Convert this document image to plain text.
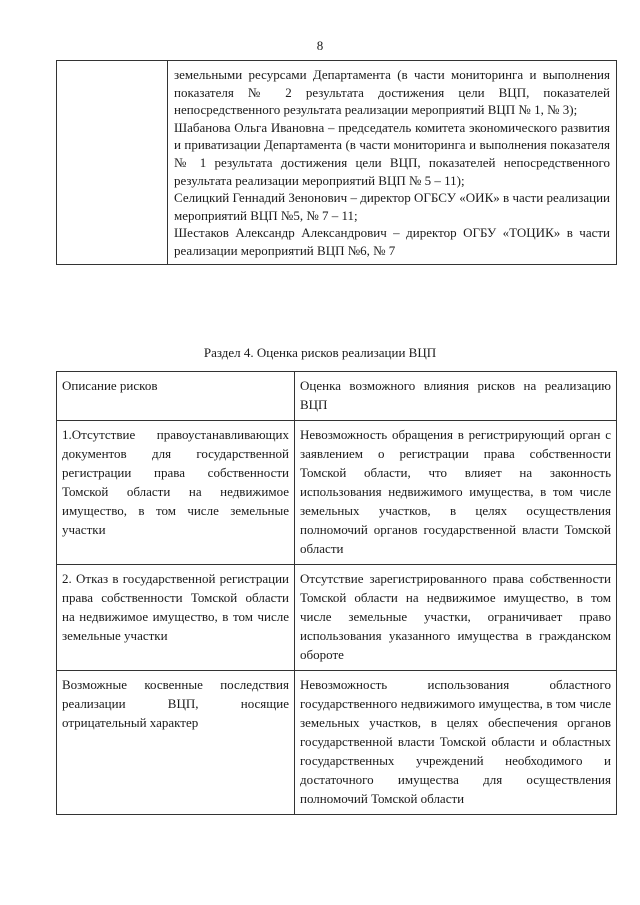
8

земельными ресурсами Департамента (в части мониторинга и выполнения показателя № 2 результата достижения цели ВЦП, показателей непосредственного результата реализации мероприятий ВЦП № 1, № 3);

Шабанова Ольга Ивановна – председатель комитета экономического развития и приватизации Департамента (в части мониторинга и выполнения показателя № 1 результата достижения цели ВЦП, показателей непосредственного результата реализации мероприятий ВЦП № 5 – 11);

Селицкий Геннадий Зенонович – директор ОГБСУ «ОИК» в части реализации мероприятий ВЦП №5, № 7 – 11;

Шестаков Александр Александрович – директор ОГБУ «ТОЦИК» в части реализации мероприятий ВЦП №6, № 7

Раздел 4. Оценка рисков реализации ВЦП
Описание рисков	Оценка возможного влияния рисков на реализацию ВЦП
1.Отсутствие правоустанавливающих документов для государственной регистрации права собственности Томской области на недвижимое имущество, в том числе земельные участки	Невозможность обращения в регистрирующий орган с заявлением о регистрации права собственности Томской области, что влияет на законность использования недвижимого имущества, в том числе земельных участков, в целях осуществления полномочий органов государственной власти Томской области
2. Отказ в государственной регистрации права собственности Томской области на недвижимое имущество, в том числе земельные участки	Отсутствие зарегистрированного права собственности Томской области на недвижимое имущество, в том числе земельные участки, ограничивает право использования указанного имущества в гражданском обороте
Возможные косвенные последствия реализации ВЦП, носящие отрицательный характер	Невозможность использования областного государственного недвижимого имущества, в том числе земельных участков, в целях обеспечения органов государственной власти Томской области и областных государственных учреждений необходимого и достаточного имущества для осуществления полномочий Томской области
